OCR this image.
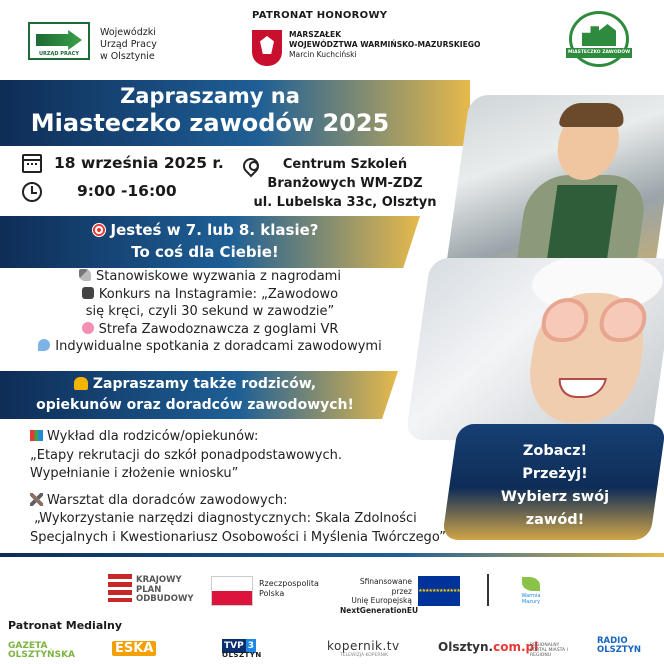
URZĄD PRACY
Wojewódzki
Urząd Pracy
w Olsztynie
PATRONAT HONOROWY
MARSZAŁEK
WOJEWÓDZTWA WARMIŃSKO-MAZURSKIEGO
Marcin Kuchciński	MIASTECZKO ZAWODÓW
Zapraszamy na
Miasteczko zawodów 2025
18 września 2025 r.
9:00 -16:00
Centrum Szkoleń
Branżowych WM-ZDZ
ul. Lubelska 33c, Olsztyn
Jesteś w 7. lub 8. klasie?
To coś dla Ciebie!
Stanowiskowe wyzwania z nagrodami
Konkurs na Instagramie: „Zawodowo
się kręci, czyli 30 sekund w zawodzie”
Strefa Zawodoznawcza z goglami VR
Indywidualne spotkania z doradcami zawodowymi
Zapraszamy także rodziców,
opiekunów oraz doradców zawodowych!

Wykład dla rodziców/opiekunów:

„Etapy rekrutacji do szkół ponadpodstawowych.

Wypełnianie i złożenie wniosku”

Warsztat dla doradców zawodowych:

„Wykorzystanie narzędzi diagnostycznych: Skala Zdolności

Specjalnych i Kwestionariusz Osobowości i Myślenia Twórczego”

Zobacz!
Przeżyj!
Wybierz swój
zawód!
KRAJOWY
PLAN
ODBUDOWY
Rzeczpospolita
Polska
Sfinansowane przez
Unię Europejską
NextGenerationEU
★★★★★★★★★★★★
Warmia Mazury
Patronat Medialny
GAZETA
OLSZTYŃSKA	ESKA	TVP 3
OLSZTYN
kopernik.tv
TELEWIZJA KOPERNIK
Olsztyn.com.pl
REGIONALNY PORTAL MIASTA I REGIONU
RADIO
OLSZTYN
